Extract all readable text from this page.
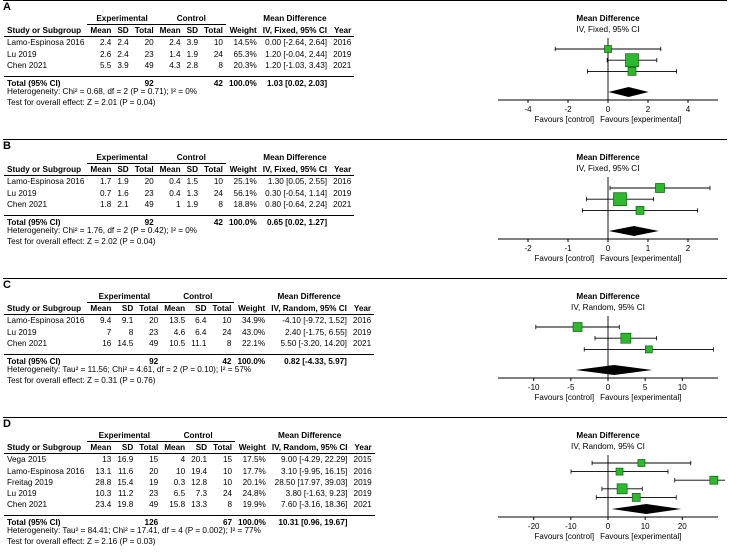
A
	Experimental			Control				Mean Difference	
Study or Subgroup	Mean	SD	Total	Mean	SD	Total	Weight	IV, Fixed, 95% CI	Year
Lamo-Espinosa 2016	2.4	2.4	20	2.4	3.9	10	14.5%	0.00 [-2.64, 2.64]	2016
Lu 2019	2.6	2.4	23	1.4	1.9	24	65.3%	1.20 [-0.04, 2.44]	2019
Chen 2021	5.5	3.9	49	4.3	2.8	8	20.3%	1.20 [-1.03, 3.43]	2021

Total (95% CI)			92			42	100.0%	1.03 [0.02, 2.03]	
Heterogeneity: Chi² = 0.68, df = 2 (P = 0.71); I² = 0%
Test for overall effect: Z = 2.01 (P = 0.04)
Mean Difference
IV, Fixed, 95% CI
-4	-2	0	2	4
Favours [control] Favours [experimental]
B
	Experimental			Control				Mean Difference	
Study or Subgroup	Mean	SD	Total	Mean	SD	Total	Weight	IV, Fixed, 95% CI	Year
Lamo-Espinosa 2016	1.7	1.9	20	0.4	1.5	10	25.1%	1.30 [0.05, 2.55]	2016
Lu 2019	0.7	1.6	23	0.4	1.3	24	56.1%	0.30 [-0.54, 1.14]	2019
Chen 2021	1.8	2.1	49	1	1.9	8	18.8%	0.80 [-0.64, 2.24]	2021

Total (95% CI)			92			42	100.0%	0.65 [0.02, 1.27]	
Heterogeneity: Chi² = 1.76, df = 2 (P = 0.42); I² = 0%
Test for overall effect: Z = 2.02 (P = 0.04)
Mean Difference
IV, Fixed, 95% CI
-2	-1	0	1	2
Favours [control] Favours [experimental]
C
	Experimental			Control				Mean Difference	
Study or Subgroup	Mean	SD	Total	Mean	SD	Total	Weight	IV, Random, 95% CI	Year
Lamo-Espinosa 2016	9.4	9.1	20	13.5	6.4	10	34.9%	-4.10 [-9.72, 1.52]	2016
Lu 2019	7	8	23	4.6	6.4	24	43.0%	2.40 [-1.75, 6.55]	2019
Chen 2021	16	14.5	49	10.5	11.1	8	22.1%	5.50 [-3.20, 14.20]	2021

Total (95% CI)			92			42	100.0%	0.82 [-4.33, 5.97]	
Heterogeneity: Tau² = 11.56; Chi² = 4.61, df = 2 (P = 0.10); I² = 57%
Test for overall effect: Z = 0.31 (P = 0.76)
Mean Difference
IV, Random, 95% CI
-10	-5	0	5	10
Favours [control] Favours [experimental]
D
	Experimental			Control				Mean Difference	
Study or Subgroup	Mean	SD	Total	Mean	SD	Total	Weight	IV, Random, 95% CI	Year
Vega 2015	13	16.9	15	4	20.1	15	17.5%	9.00 [-4.29, 22.29]	2015
Lamo-Espinosa 2016	13.1	11.6	20	10	19.4	10	17.7%	3.10 [-9.95, 16.15]	2016
Freitag 2019	28.8	15.4	19	0.3	12.8	10	20.1%	28.50 [17.97, 39.03]	2019
Lu 2019	10.3	11.2	23	6.5	7.3	24	24.8%	3.80 [-1.63, 9.23]	2019
Chen 2021	23.4	19.8	49	15.8	13.3	8	19.9%	7.60 [-3.16, 18.36]	2021

Total (95% CI)			126			67	100.0%	10.31 [0.96, 19.67]	
Heterogeneity: Tau² = 84.41; Chi² = 17.41, df = 4 (P = 0.002); I² = 77%
Test for overall effect: Z = 2.16 (P = 0.03)
Mean Difference
IV, Random, 95% CI
-20	-10	0	10	20
Favours [control] Favours [experimental]
